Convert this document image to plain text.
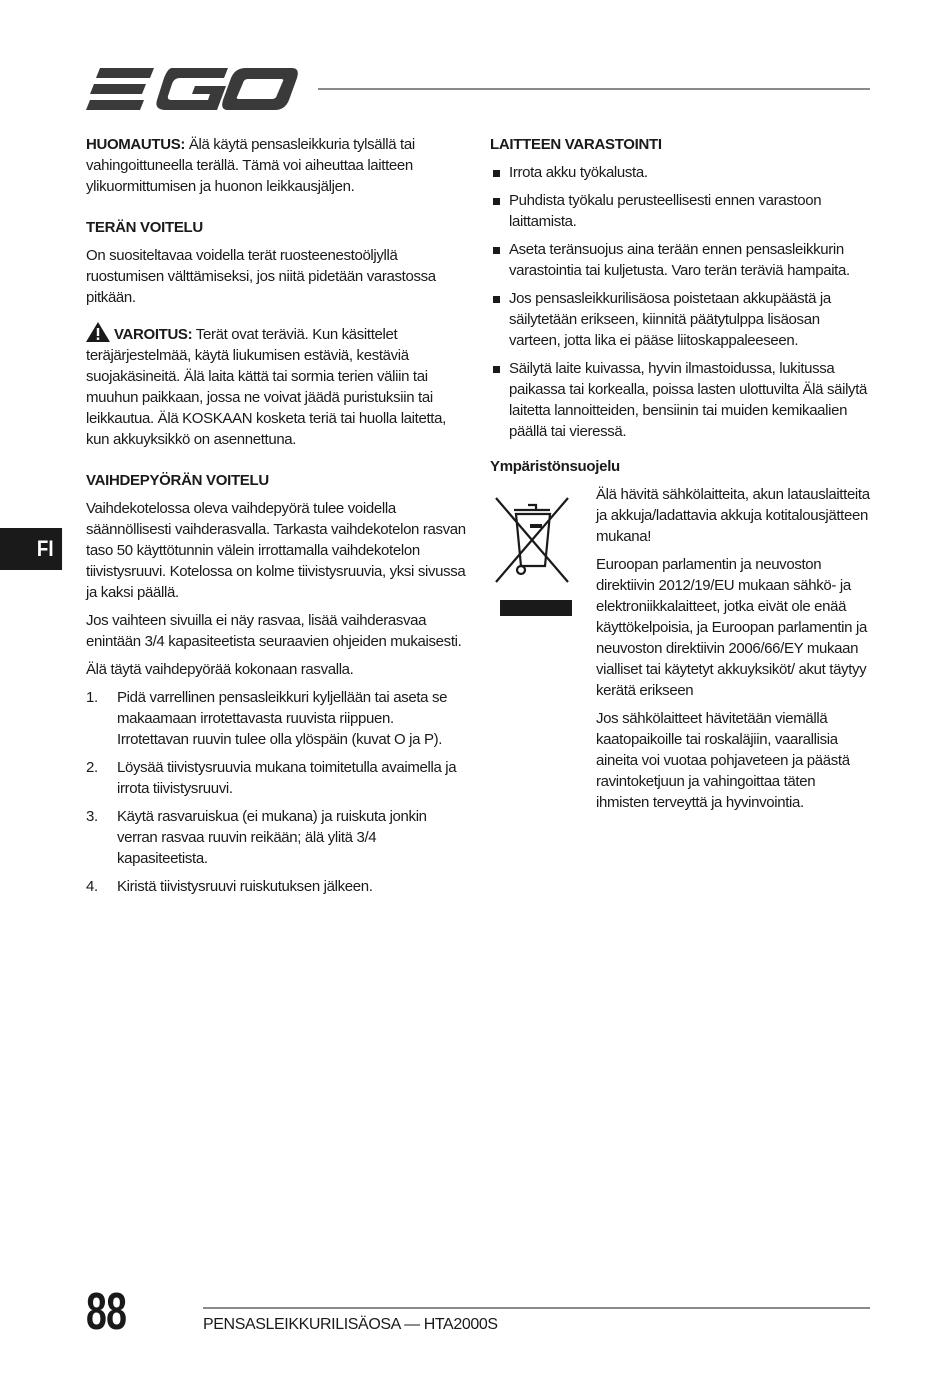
FI

HUOMAUTUS: Älä käytä pensasleikkuria tylsällä tai vahingoittuneella terällä. Tämä voi aiheuttaa laitteen ylikuormittumisen ja huonon leikkausjäljen.

TERÄN VOITELU

On suositeltavaa voidella terät ruosteenestoöljyllä ruostumisen välttämiseksi, jos niitä pidetään varastossa pitkään.

VAROITUS: Terät ovat teräviä. Kun käsittelet teräjärjestelmää, käytä liukumisen estäviä, kestäviä suojakäsineitä. Älä laita kättä tai sormia terien väliin tai muuhun paikkaan, jossa ne voivat jäädä puristuksiin tai leikkautua. Älä KOSKAAN kosketa teriä tai huolla laitetta, kun akkuyksikkö on asennettuna.

VAIHDEPYÖRÄN VOITELU

Vaihdekotelossa oleva vaihdepyörä tulee voidella säännöllisesti vaihderasvalla. Tarkasta vaihdekotelon rasvan taso 50 käyttötunnin välein irrottamalla vaihdekotelon tiivistysruuvi. Kotelossa on kolme tiivistysruuvia, yksi sivussa ja kaksi päällä.

Jos vaihteen sivuilla ei näy rasvaa, lisää vaihderasvaa enintään 3/4 kapasiteetista seuraavien ohjeiden mukaisesti.

Älä täytä vaihdepyörää kokonaan rasvalla.

1. Pidä varrellinen pensasleikkuri kyljellään tai aseta se makaamaan irrotettavasta ruuvista riippuen. Irrotettavan ruuvin tulee olla ylöspäin (kuvat O ja P).
2. Löysää tiivistysruuvia mukana toimitetulla avaimella ja irrota tiivistysruuvi.
3. Käytä rasvaruiskua (ei mukana) ja ruiskuta jonkin verran rasvaa ruuvin reikään; älä ylitä 3/4 kapasiteetista.
4. Kiristä tiivistysruuvi ruiskutuksen jälkeen.
LAITTEEN VARASTOINTI
Irrota akku työkalusta.
Puhdista työkalu perusteellisesti ennen varastoon laittamista.
Aseta teränsuojus aina terään ennen pensasleikkurin varastointia tai kuljetusta. Varo terän teräviä hampaita.
Jos pensasleikkurilisäosa poistetaan akkupäästä ja säilytetään erikseen, kiinnitä päätytulppa lisäosan varteen, jotta lika ei pääse liitoskappaleeseen.
Säilytä laite kuivassa, hyvin ilmastoidussa, lukitussa paikassa tai korkealla, poissa lasten ulottuvilta Älä säilytä laitetta lannoitteiden, bensiinin tai muiden kemikaalien päällä tai vieressä.
Ympäristönsuojelu

Älä hävitä sähkölaitteita, akun latauslaitteita ja akkuja/ladattavia akkuja kotitalousjätteen mukana!

Euroopan parlamentin ja neuvoston direktiivin 2012/19/EU mukaan sähkö- ja elektroniikkalaitteet, jotka eivät ole enää käyttökelpoisia, ja Euroopan parlamentin ja neuvoston direktiivin 2006/66/EY mukaan vialliset tai käytetyt akkuyksiköt/ akut täytyy kerätä erikseen

Jos sähkölaitteet hävitetään viemällä kaatopaikoille tai roskaläjiin, vaarallisia aineita voi vuotaa pohjaveteen ja päästä ravintoketjuun ja vahingoittaa täten ihmisten terveyttä ja hyvinvointia.

88	PENSASLEIKKURILISÄOSA — HTA2000S
